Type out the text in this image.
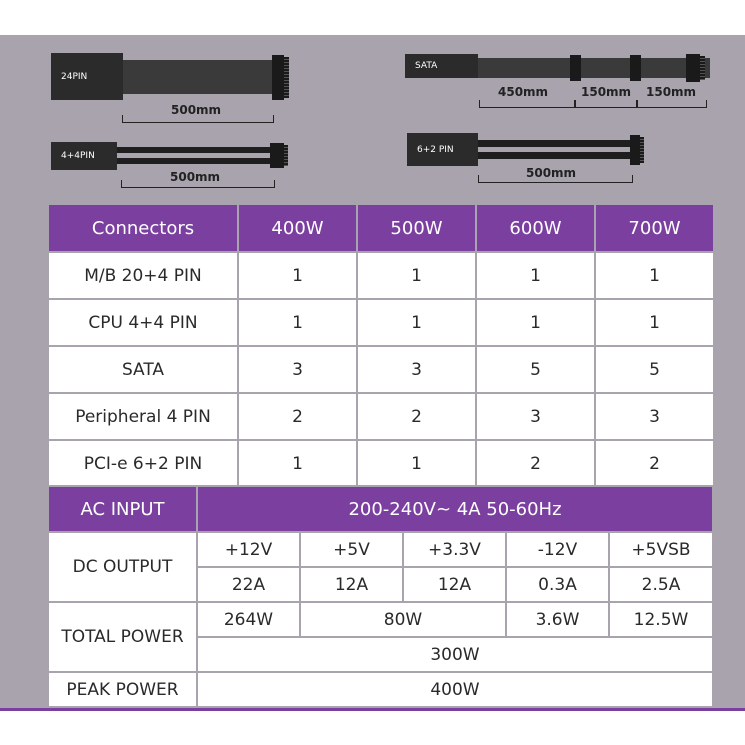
24PIN
500mm
4+4PIN
500mm
SATA
450mm	150mm 150mm
6+2 PIN
500mm
Connectors	400W	500W	600W	700W
M/B 20+4 PIN	1	1	1	1
CPU 4+4 PIN	1	1	1	1
SATA	3	3	5	5
Peripheral 4 PIN	2	2	3	3
PCI-e 6+2 PIN	1	1	2	2
AC INPUT	200-240V~ 4A 50-60Hz				
DC OUTPUT	+12V	+5V	+3.3V	-12V	+5VSB
	22A	12A	12A	0.3A	2.5A
TOTAL POWER	264W	80W		3.6W	12.5W
	300W				
PEAK POWER	400W				
